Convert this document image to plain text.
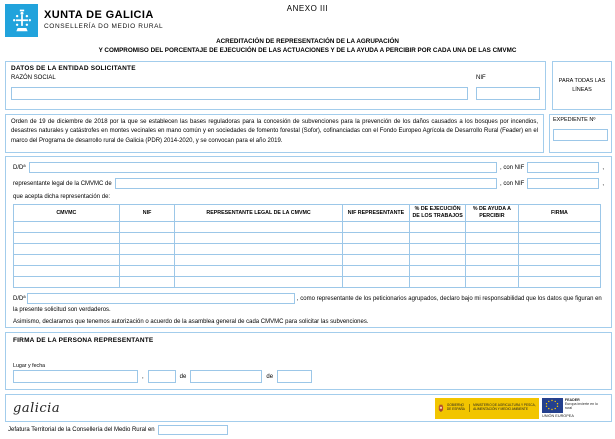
XUNTA DE GALICIA
CONSELLERÍA DO MEDIO RURAL
ANEXO III
ACREDITACIÓN DE REPRESENTACIÓN DE LA AGRUPACIÓN
Y COMPROMISO DEL PORCENTAJE DE EJECUCIÓN DE LAS ACTUACIONES Y DE LA AYUDA A PERCIBIR POR CADA UNA DE LAS CMVMC
DATOS DE LA ENTIDAD SOLICITANTE
RAZÓN SOCIAL	NIF
PARA TODAS LAS LÍNEAS
Orden de 19 de diciembre de 2018 por la que se establecen las bases reguladoras para la concesión de subvenciones para la prevención de los daños causados a los bosques por incendios, desastres naturales y catástrofes en montes vecinales en mano común y en sociedades de fomento forestal (Sofor), cofinanciadas con el Fondo Europeo Agrícola de Desarrollo Rural (Feader) en el marco del Programa de desarrollo rural de Galicia (PDR) 2014-2020, y se convocan para el año 2019.
EXPEDIENTE Nº
D/Dª	, con NIF	,
representante legal de la CMVMC de	, con NIF	,
que acepta dicha representación de:
CMVMC	NIF	REPRESENTANTE LEGAL DE LA CMVMC	NIF REPRESENTANTE	% DE EJECUCIÓN DE LOS TRABAJOS	% DE AYUDA A PERCIBIR	FIRMA

D/Dª	, como representante de los peticionarios agrupados, declaro bajo mi responsabilidad que los datos que figuran en la presente solicitud son verdaderos.
Asimismo, declaramos que tenemos autorización o acuerdo de la asamblea general de cada CMVMC para solicitar las subvenciones.
FIRMA DE LA PERSONA REPRESENTANTE
Lugar y fecha
,	de	de
galicia	GOBIERNO DE ESPAÑA
MINISTERIO DE AGRICULTURA Y PESCA, ALIMENTACIÓN Y MEDIO AMBIENTE
FEADER
Europa invierte en lo rural
UNIÓN EUROPEA
Jefatura Territorial de la Consellería del Medio Rural en
